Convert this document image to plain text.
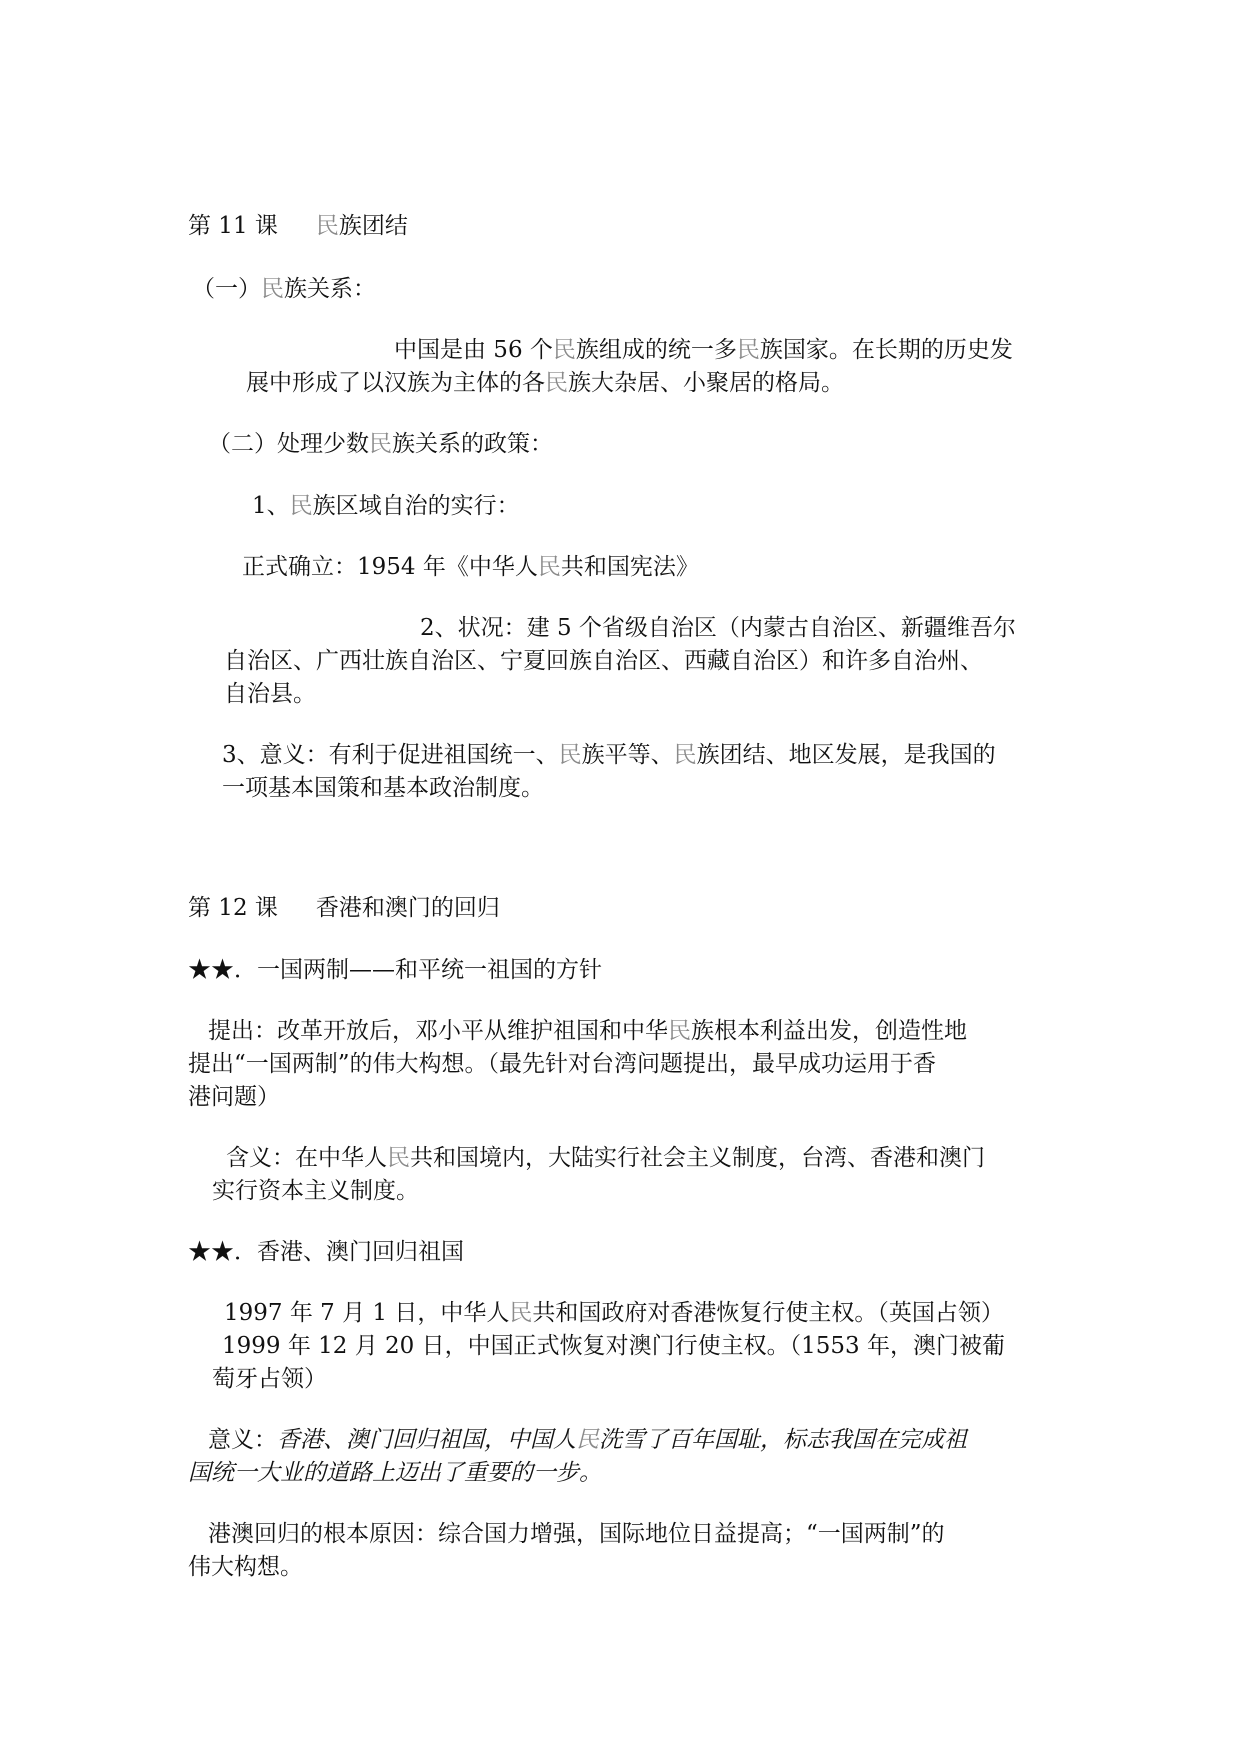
第 11 课 民族团结
（一）民族关系：
中国是由 56 个民族组成的统一多民族国家。在长期的历史发
展中形成了以汉族为主体的各民族大杂居、小聚居的格局。
（二）处理少数民族关系的政策：
1、民族区域自治的实行：
正式确立：1954 年《中华人民共和国宪法》
2、状况：建 5 个省级自治区（内蒙古自治区、新疆维吾尔
自治区、广西壮族自治区、宁夏回族自治区、西藏自治区）和许多自治州、
自治县。
3、意义：有利于促进祖国统一、民族平等、民族团结、地区发展，是我国的
一项基本国策和基本政治制度。
第 12 课 香港和澳门的回归
★★．一国两制——和平统一祖国的方针
提出：改革开放后，邓小平从维护祖国和中华民族根本利益出发，创造性地
提出“一国两制”的伟大构想。（最先针对台湾问题提出，最早成功运用于香
港问题）
含义：在中华人民共和国境内，大陆实行社会主义制度，台湾、香港和澳门
实行资本主义制度。
★★．香港、澳门回归祖国
1997 年 7 月 1 日，中华人民共和国政府对香港恢复行使主权。（英国占领）
1999 年 12 月 20 日，中国正式恢复对澳门行使主权。（1553 年，澳门被葡
萄牙占领）
意义：香港、澳门回归祖国，中国人民洗雪了百年国耻，标志我国在完成祖
国统一大业的道路上迈出了重要的一步。
港澳回归的根本原因：综合国力增强，国际地位日益提高；“一国两制”的
伟大构想。
